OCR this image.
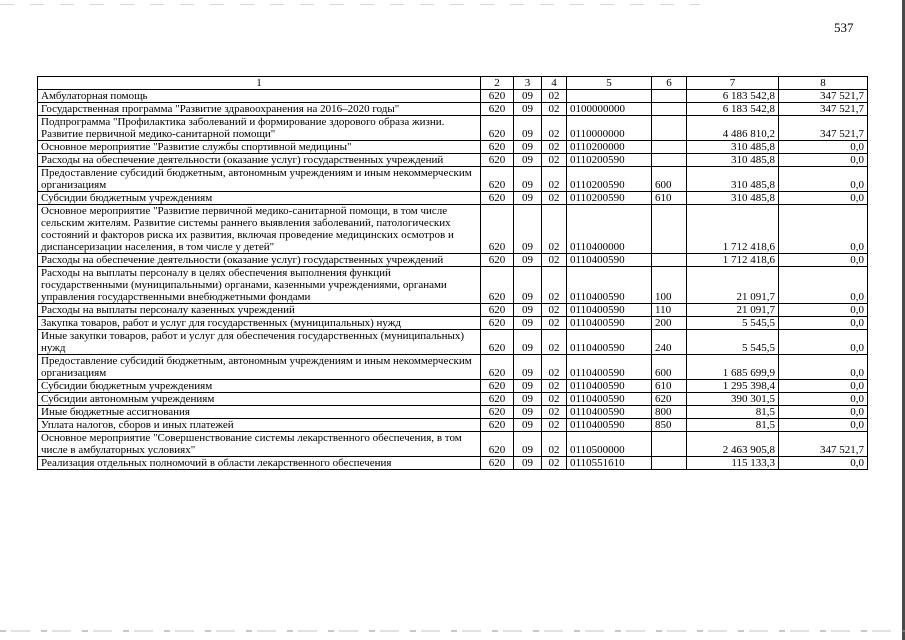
537
1	2	3	4	5	6	7	8
Амбулаторная помощь	620	09	02			6 183 542,8	347 521,7
Государственная программа "Развитие здравоохранения на 2016–2020 годы"	620	09	02	0100000000		6 183 542,8	347 521,7
Подпрограмма "Профилактика заболеваний и формирование здорового образа жизни. Развитие первичной медико-санитарной помощи"	620	09	02	0110000000		4 486 810,2	347 521,7
Основное мероприятие "Развитие службы спортивной медицины"	620	09	02	0110200000		310 485,8	0,0
Расходы на обеспечение деятельности (оказание услуг) государственных учреждений	620	09	02	0110200590		310 485,8	0,0
Предоставление субсидий бюджетным, автономным учреждениям и иным некоммерческим организациям	620	09	02	0110200590	600	310 485,8	0,0
Субсидии бюджетным учреждениям	620	09	02	0110200590	610	310 485,8	0,0
Основное мероприятие "Развитие первичной медико-санитарной помощи, в том числе сельским жителям. Развитие системы раннего выявления заболеваний, патологических состояний и факторов риска их развития, включая проведение медицинских осмотров и диспансеризации населения, в том числе у детей"	620	09	02	0110400000		1 712 418,6	0,0
Расходы на обеспечение деятельности (оказание услуг) государственных учреждений	620	09	02	0110400590		1 712 418,6	0,0
Расходы на выплаты персоналу в целях обеспечения выполнения функций государственными (муниципальными) органами, казенными учреждениями, органами управления государственными внебюджетными фондами	620	09	02	0110400590	100	21 091,7	0,0
Расходы на выплаты персоналу казенных учреждений	620	09	02	0110400590	110	21 091,7	0,0
Закупка товаров, работ и услуг для государственных (муниципальных) нужд	620	09	02	0110400590	200	5 545,5	0,0
Иные закупки товаров, работ и услуг для обеспечения государственных (муниципальных) нужд	620	09	02	0110400590	240	5 545,5	0,0
Предоставление субсидий бюджетным, автономным учреждениям и иным некоммерческим организациям	620	09	02	0110400590	600	1 685 699,9	0,0
Субсидии бюджетным учреждениям	620	09	02	0110400590	610	1 295 398,4	0,0
Субсидии автономным учреждениям	620	09	02	0110400590	620	390 301,5	0,0
Иные бюджетные ассигнования	620	09	02	0110400590	800	81,5	0,0
Уплата налогов, сборов и иных платежей	620	09	02	0110400590	850	81,5	0,0
Основное мероприятие "Совершенствование системы лекарственного обеспечения, в том числе в амбулаторных условиях"	620	09	02	0110500000		2 463 905,8	347 521,7
Реализация отдельных полномочий в области лекарственного обеспечения	620	09	02	0110551610		115 133,3	0,0
